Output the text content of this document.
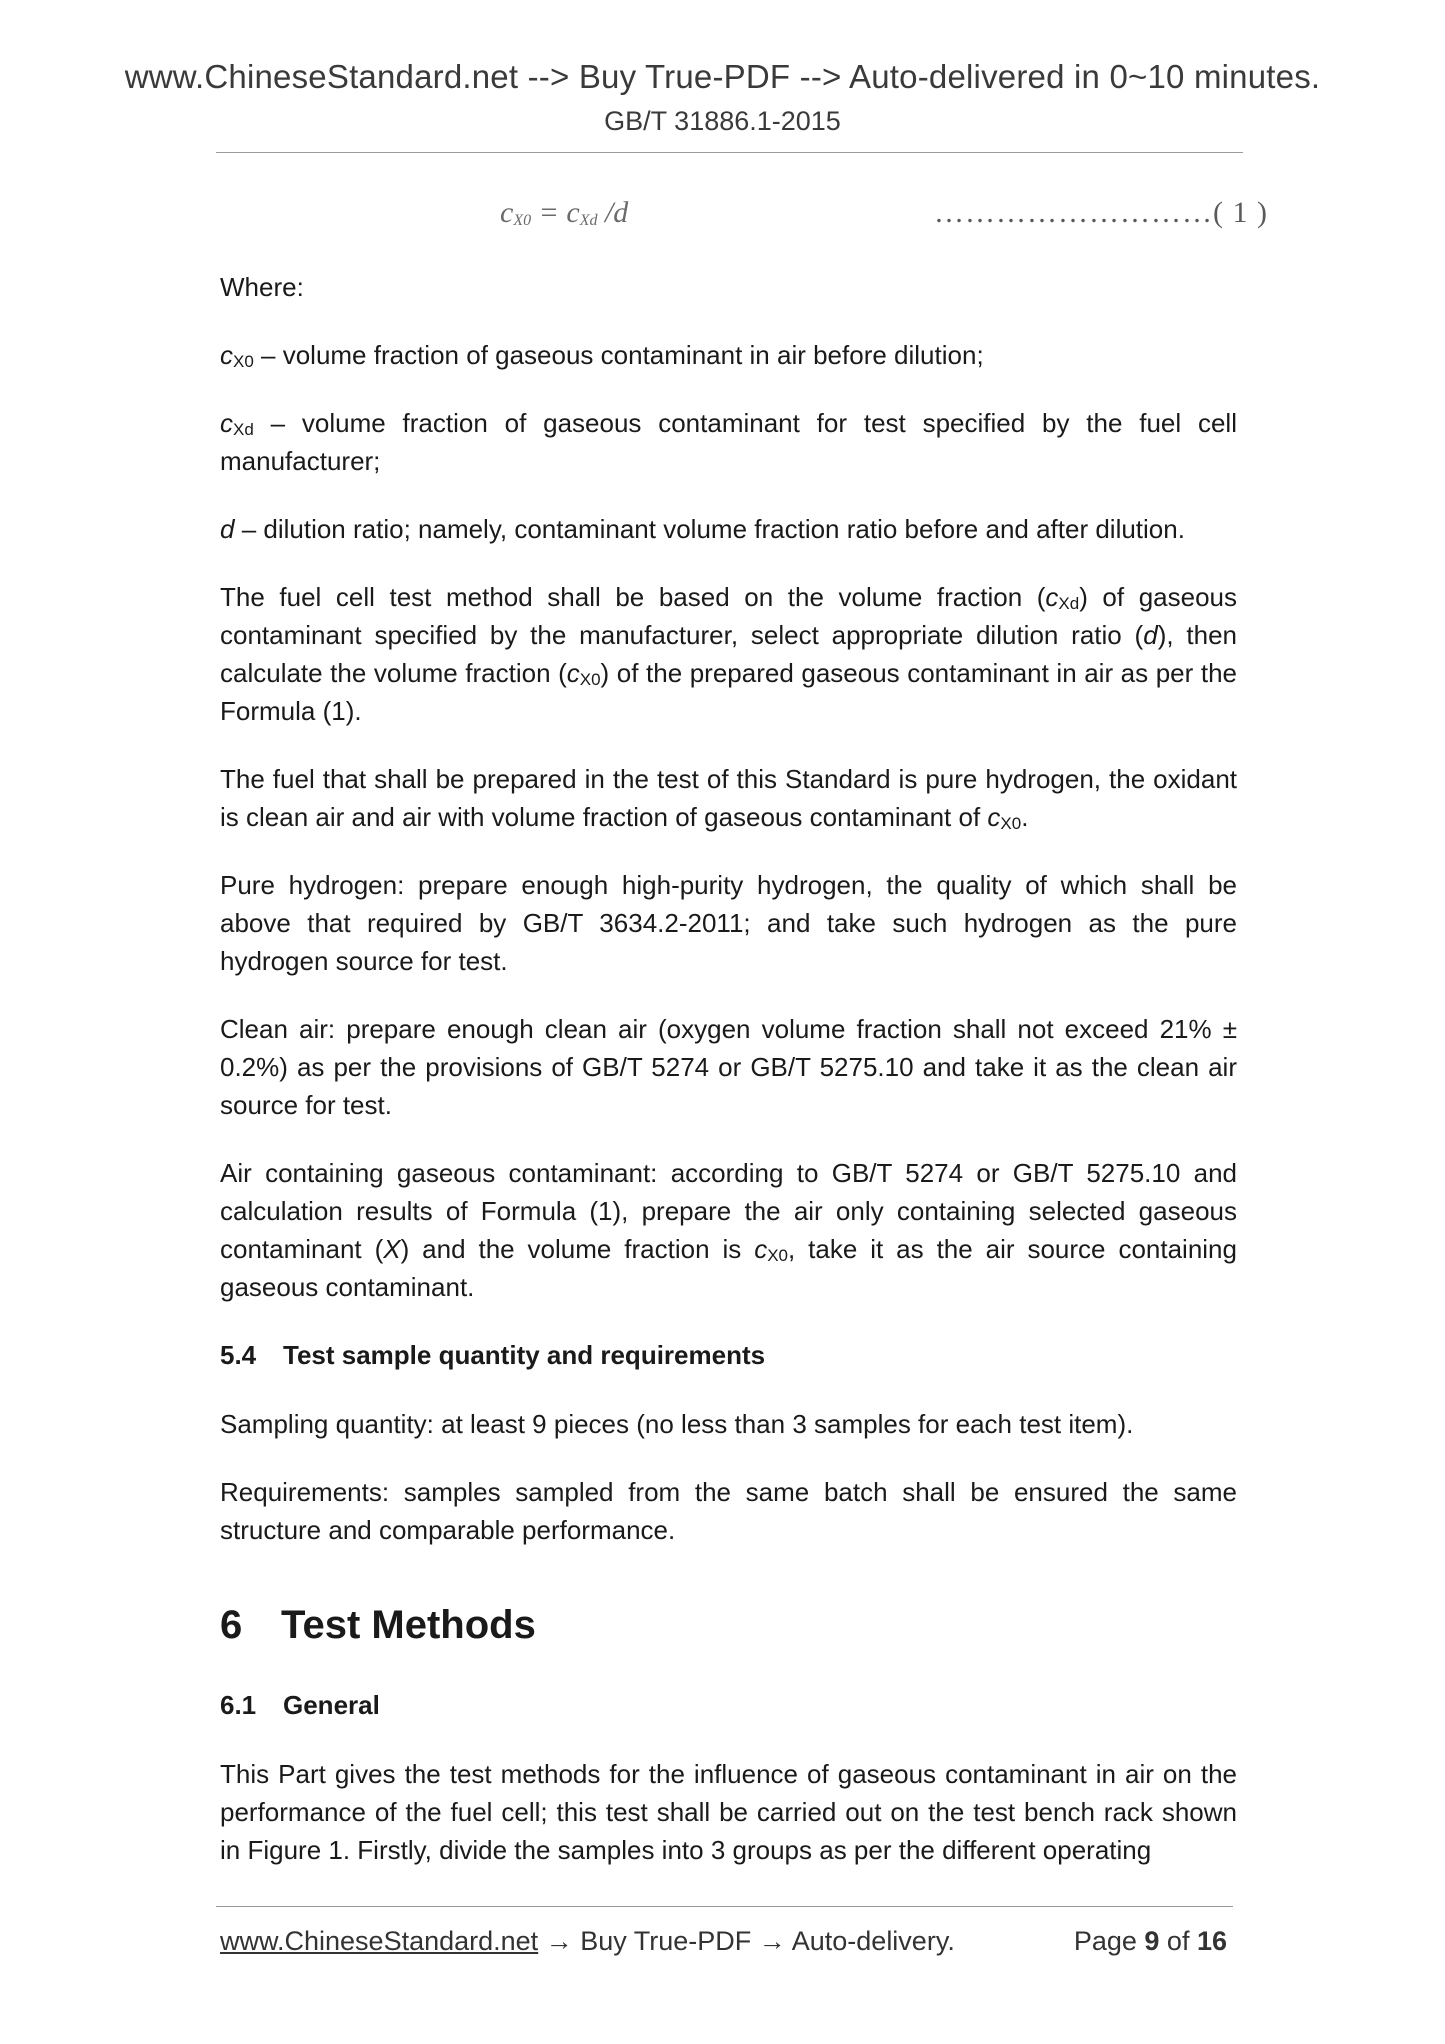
www.ChineseStandard.net --> Buy True-PDF --> Auto-delivered in 0~10 minutes.
GB/T 31886.1-2015
$c_{X0} = c_{Xd}$ /d	………………………( 1 )

Where:

$c_{X0}$ – volume fraction of gaseous contaminant in air before dilution;

$c_{Xd}$ – volume fraction of gaseous contaminant for test specified by the fuel cell manufacturer;

d – dilution ratio; namely, contaminant volume fraction ratio before and after dilution.

The fuel cell test method shall be based on the volume fraction $(c_{Xd})$ of gaseous contaminant specified by the manufacturer, select appropriate dilution ratio (d), then calculate the volume fraction $(c_{X0})$ of the prepared gaseous contaminant in air as per the Formula (1).

The fuel that shall be prepared in the test of this Standard is pure hydrogen, the oxidant is clean air and air with volume fraction of gaseous contaminant of $c_{X0}$.

Pure hydrogen: prepare enough high-purity hydrogen, the quality of which shall be above that required by GB/T 3634.2-2011; and take such hydrogen as the pure hydrogen source for test.

Clean air: prepare enough clean air (oxygen volume fraction shall not exceed 21% ± 0.2%) as per the provisions of GB/T 5274 or GB/T 5275.10 and take it as the clean air source for test.

Air containing gaseous contaminant: according to GB/T 5274 or GB/T 5275.10 and calculation results of Formula (1), prepare the air only containing selected gaseous contaminant (X) and the volume fraction is $c_{X0}$, take it as the air source containing gaseous contaminant.

5.4 Test sample quantity and requirements

Sampling quantity: at least 9 pieces (no less than 3 samples for each test item).

Requirements: samples sampled from the same batch shall be ensured the same structure and comparable performance.

6 Test Methods
6.1 General

This Part gives the test methods for the influence of gaseous contaminant in air on the performance of the fuel cell; this test shall be carried out on the test bench rack shown in Figure 1. Firstly, divide the samples into 3 groups as per the different operating

www.ChineseStandard.net → Buy True-PDF → Auto-delivery.	Page 9 of 16
